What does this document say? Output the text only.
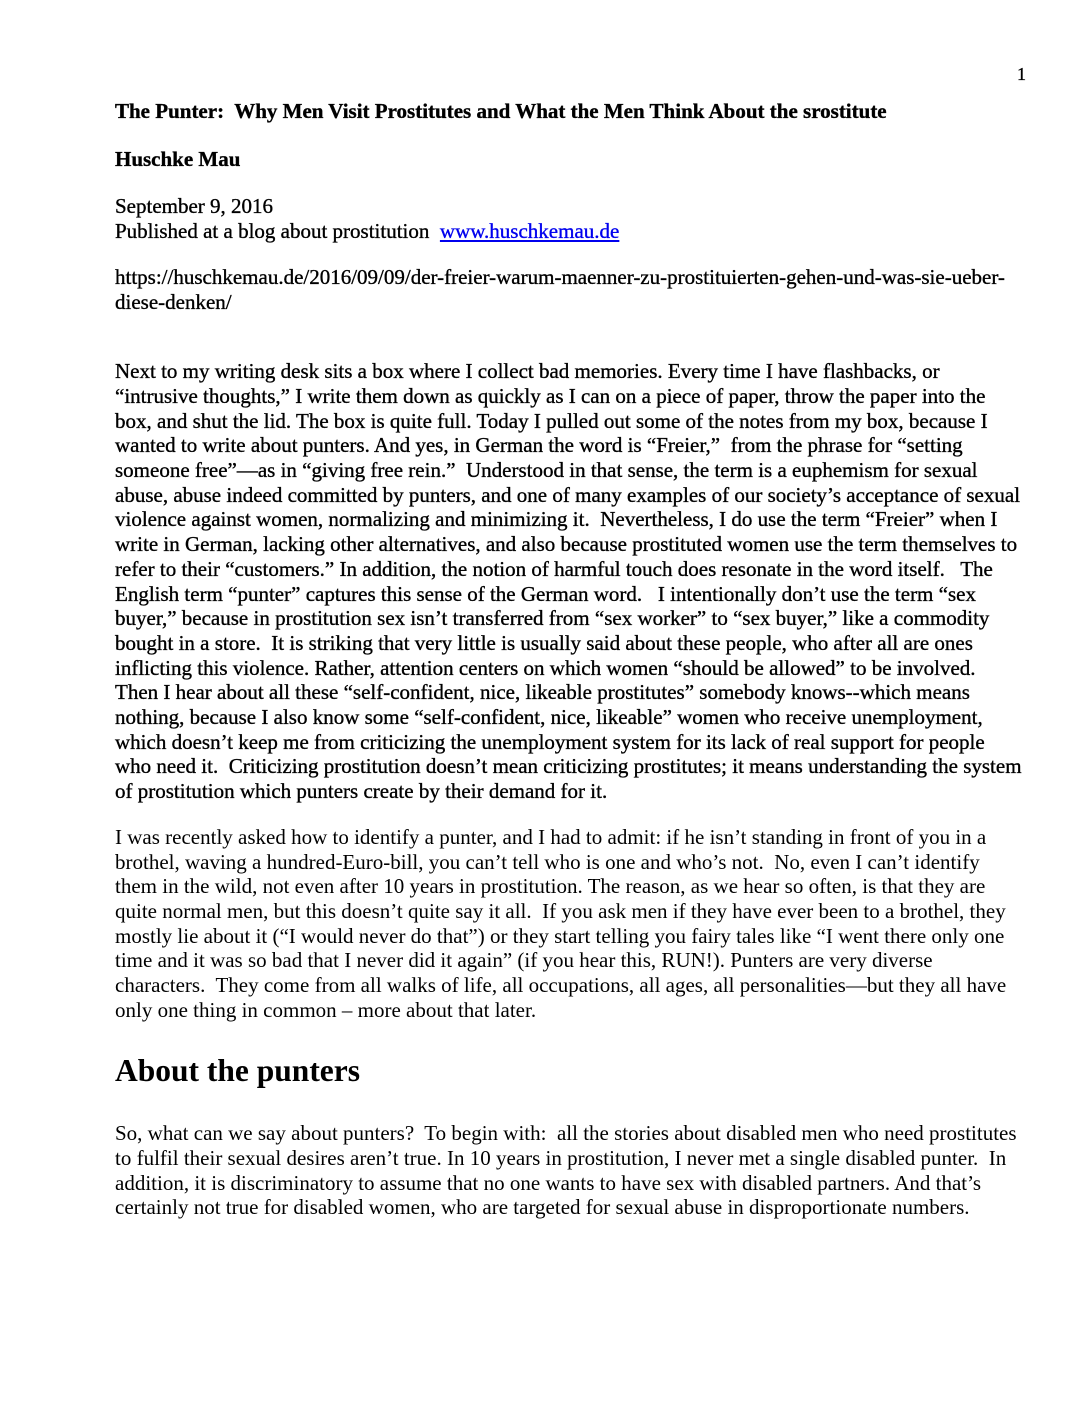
1

The Punter:  Why Men Visit Prostitutes and What the Men Think About the srostitute

Huschke Mau

September 9, 2016

Published at a blog about prostitution  www.huschkemau.de

https://huschkemau.de/2016/09/09/der-freier-warum-maenner-zu-prostituierten-gehen-und-was-sie-ueber-diese-denken/

Next to my writing desk sits a box where I collect bad memories. Every time I have flashbacks, or “intrusive thoughts,” I write them down as quickly as I can on a piece of paper, throw the paper into the box, and shut the lid. The box is quite full. Today I pulled out some of the notes from my box, because I wanted to write about punters. And yes, in German the word is “Freier,”  from the phrase for “setting someone free”—as in “giving free rein.”  Understood in that sense, the term is a euphemism for sexual abuse, abuse indeed committed by punters, and one of many examples of our society’s acceptance of sexual violence against women, normalizing and minimizing it.  Nevertheless, I do use the term “Freier” when I write in German, lacking other alternatives, and also because prostituted women use the term themselves to refer to their “customers.” In addition, the notion of harmful touch does resonate in the word itself.   The English term “punter” captures this sense of the German word.   I intentionally don’t use the term “sex buyer,” because in prostitution sex isn’t transferred from “sex worker” to “sex buyer,” like a commodity bought in a store.  It is striking that very little is usually said about these people, who after all are ones inflicting this violence. Rather, attention centers on which women “should be allowed” to be involved.  Then I hear about all these “self-confident, nice, likeable prostitutes” somebody knows--which means nothing, because I also know some “self-confident, nice, likeable” women who receive unemployment, which doesn’t keep me from criticizing the unemployment system for its lack of real support for people who need it.  Criticizing prostitution doesn’t mean criticizing prostitutes; it means understanding the system of prostitution which punters create by their demand for it.

I was recently asked how to identify a punter, and I had to admit: if he isn’t standing in front of you in a brothel, waving a hundred-Euro-bill, you can’t tell who is one and who’s not.  No, even I can’t identify them in the wild, not even after 10 years in prostitution. The reason, as we hear so often, is that they are quite normal men, but this doesn’t quite say it all.  If you ask men if they have ever been to a brothel, they mostly lie about it (“I would never do that”) or they start telling you fairy tales like “I went there only one time and it was so bad that I never did it again” (if you hear this, RUN!). Punters are very diverse characters.  They come from all walks of life, all occupations, all ages, all personalities—but they all have only one thing in common – more about that later.

About the punters

So, what can we say about punters?  To begin with:  all the stories about disabled men who need prostitutes to fulfil their sexual desires aren’t true. In 10 years in prostitution, I never met a single disabled punter.  In addition, it is discriminatory to assume that no one wants to have sex with disabled partners. And that’s certainly not true for disabled women, who are targeted for sexual abuse in disproportionate numbers.
